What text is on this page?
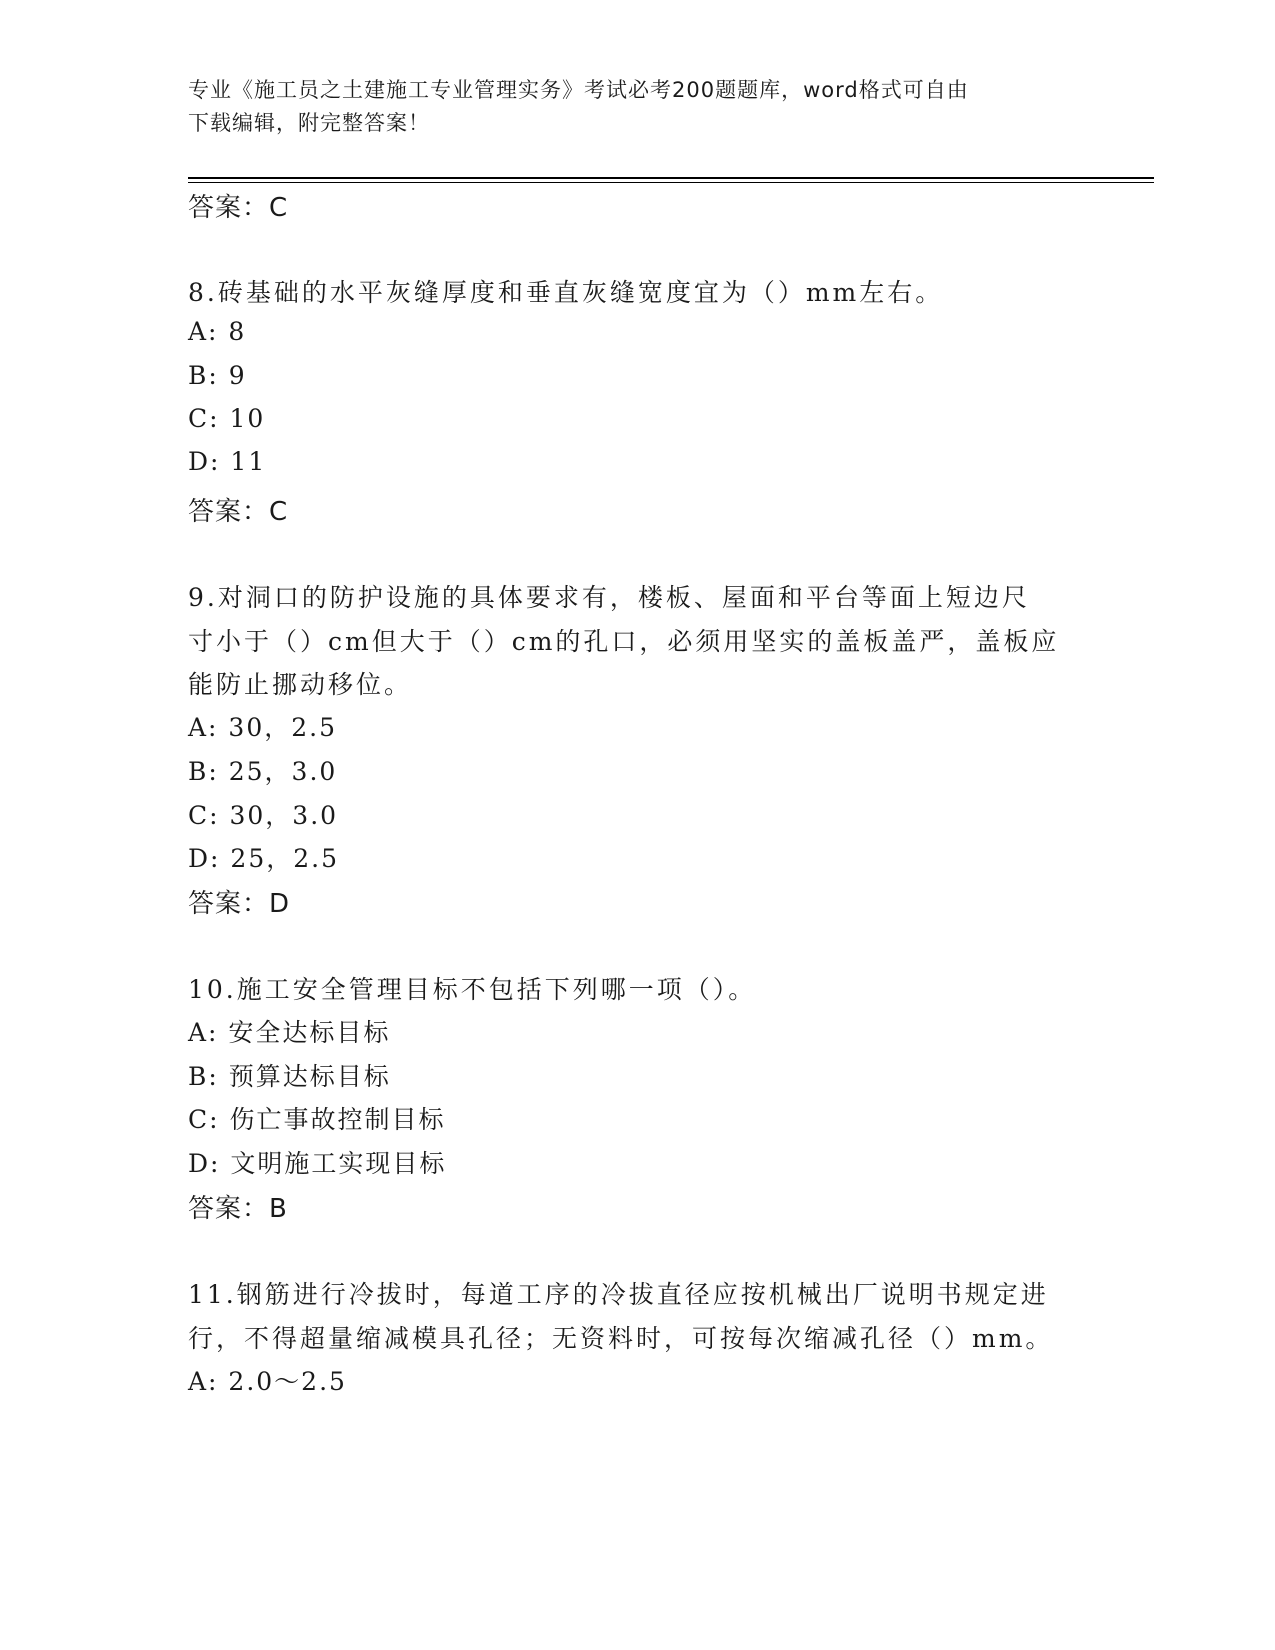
专业《施工员之土建施工专业管理实务》考试必考200题题库，word格式可自由
下载编辑，附完整答案！
答案：C
8.砖基础的水平灰缝厚度和垂直灰缝宽度宜为（）mm左右。
A: 8
B: 9
C: 10
D: 11
答案：C
9.对洞口的防护设施的具体要求有，楼板、屋面和平台等面上短边尺
寸小于（）cm但大于（）cm的孔口，必须用坚实的盖板盖严，盖板应
能防止挪动移位。
A: 30，2.5
B: 25，3.0
C: 30，3.0
D: 25，2.5
答案：D
10.施工安全管理目标不包括下列哪一项（）。
A: 安全达标目标
B: 预算达标目标
C: 伤亡事故控制目标
D: 文明施工实现目标
答案：B
11.钢筋进行冷拔时，每道工序的冷拔直径应按机械出厂说明书规定进
行，不得超量缩减模具孔径；无资料时，可按每次缩减孔径（）mm。
A: 2.0～2.5
